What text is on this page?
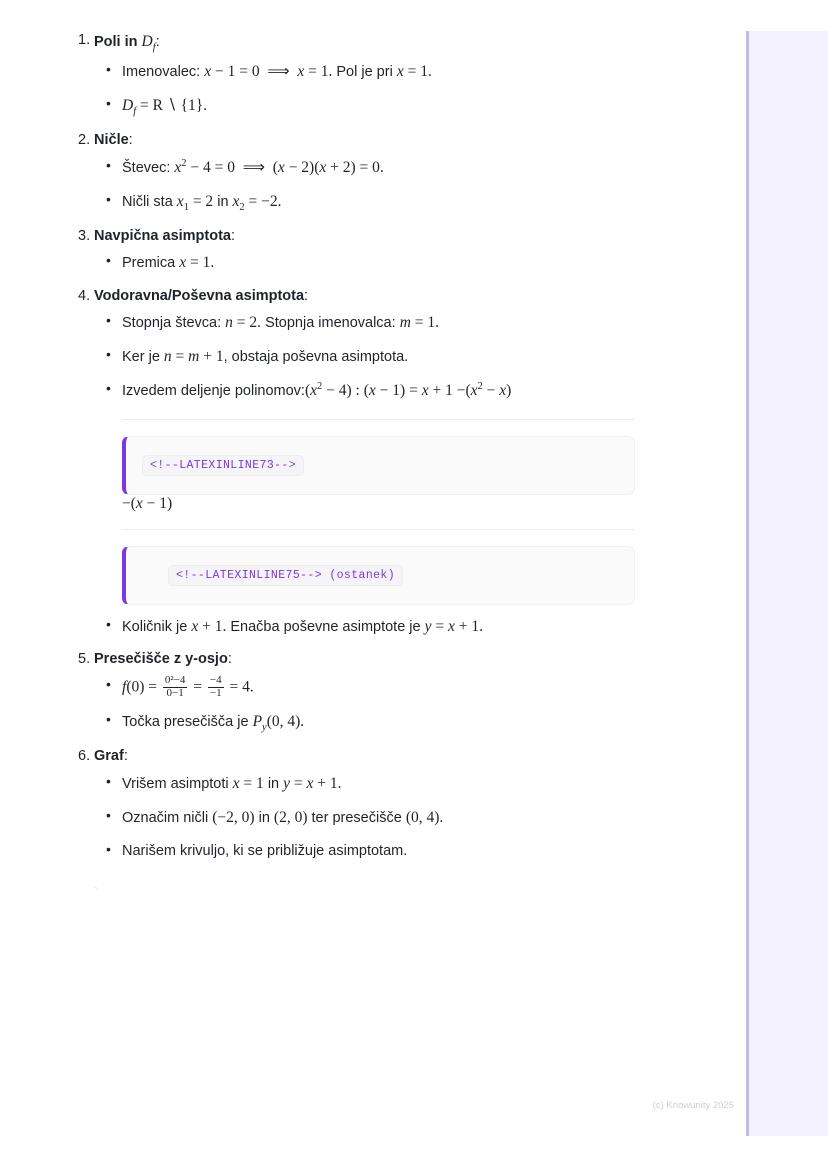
1. Poli in $D_f$:
• Imenovalec: x − 1 = 0 ⟹ x = 1. Pol je pri x = 1.
• $D_f = R$ ∖ {1}.
2. Ničle:
• Števec: $x^2 - 4 = 0$ ⟹ (x − 2)(x + 2) = 0.
• Ničli sta $x_1 = 2$ in $x_2 = -2$.
3. Navpična asimptota:
• Premica x = 1.
4. Vodoravna/Poševna asimptota:
• Stopnja števca: n = 2. Stopnja imenovalca: m = 1.
• Ker je n = m + 1, obstaja poševna asimptota.
• Izvedem deljenje $polinomov:(x^2 - 4)$ : $(x - 1) = x + 1 -(x^2 - x)$
<!--LATEXINLINE73-->
−(x − 1)
<!--LATEXINLINE75--> (ostanek)
• Količnik je x + 1. Enačba poševne asimptote je y = x + 1.
5. Presečišče z y-osjo:
• $f(0) = \frac{\text{0²−4}}{0-1} = \frac{-4}{-1} = 4$.
• Točka presečišča je $P_y(0$, 4).
6. Graf:
• Vrišem asimptoti x = 1 in y = x + 1.
• Označim ničli (−2, 0) in (2, 0) ter presečišče (0, 4).
• Narišem krivuljo, ki se približuje asimptotam.
`
(c) Knowunity 2025
